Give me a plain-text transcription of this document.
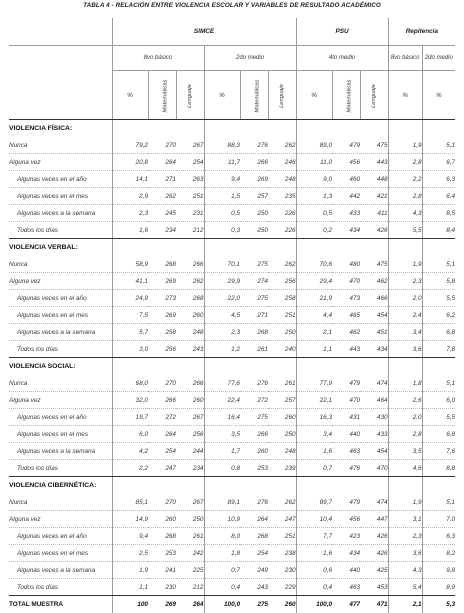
TABLA 4 - RELACIÓN ENTRE VIOLENCIA ESCOLAR Y VARIABLES DE RESULTADO ACADÉMICO
	SIMCE						PSU			Repitencia	
	8vo básico			2do medio			4to medio			8vo básico	2do medio
	%	Matemáticas	Lenguaje	%	Matemáticas	Lenguaje	%	Matemáticas	Lenguaje	%	%
VIOLENCIA FÍSICA:											
Nunca	79,2	270	267	88,3	276	262	89,0	479	475	1,9	5,1
Alguna vez	20,8	264	254	11,7	266	246	11,0	456	443	2,8	6,7
Algunas veces en el año	14,1	271	263	9,4	269	248	9,0	460	448	2,2	6,3
Algunas veces en el mes	2,9	262	251	1,5	257	235	1,3	442	421	2,8	6,4
Algunas veces a la semana	2,3	245	231	0,5	250	226	0,5	433	411	4,3	8,5
Todos los días	1,6	234	212	0,3	250	226	0,2	434	426	5,5	8,4
VIOLENCIA VERBAL:											
Nunca	58,9	268	266	70,1	275	262	70,6	480	475	1,9	5,1
Alguna vez	41,1	269	262	29,9	274	256	29,4	470	462	2,3	5,8
Algunas veces en el año	24,9	273	268	22,0	275	258	21,9	473	466	2,0	5,5
Algunas veces en el mes	7,5	269	260	4,5	271	251	4,4	465	454	2,4	6,2
Algunas veces a la semana	5,7	258	248	2,3	268	250	2,1	462	451	3,4	6,8
Todos los días	3,0	256	243	1,2	261	240	1,1	443	434	3,6	7,8
VIOLENCIA SOCIAL:											
Nunca	68,0	270	266	77,6	276	261	77,9	479	474	1,8	5,1
Alguna vez	32,0	266	260	22,4	272	257	22,1	470	464	2,6	6,0
Algunas veces en el año	19,7	272	267	16,4	275	260	16,3	431	430	2,0	5,5
Algunas veces en el mes	6,0	264	256	3,5	266	250	3,4	440	433	2,8	6,8
Algunas veces a la semana	4,2	254	244	1,7	260	248	1,6	463	454	3,5	7,6
Todos los días	2,2	247	234	0,8	253	239	0,7	476	470	4,6	8,8
VIOLENCIA CIBERNÉTICA:											
Nunca	85,1	270	267	89,1	276	262	89,7	479	474	1,9	5,1
Alguna vez	14,9	260	250	10,9	264	247	10,4	456	447	3,1	7,0
Algunas veces en el año	9,4	268	261	8,0	268	251	7,7	423	426	2,3	6,3
Algunas veces en el mes	2,5	253	242	1,8	254	238	1,6	434	426	3,6	8,2
Algunas veces a la semana	1,9	241	225	0,7	249	230	0,6	440	425	4,3	9,8
Todos los días	1,1	230	212	0,4	243	229	0,4	463	453	5,4	8,9
TOTAL MUESTRA	100	269	264	100,0	275	260	100,0	477	471	2,1	5,3
